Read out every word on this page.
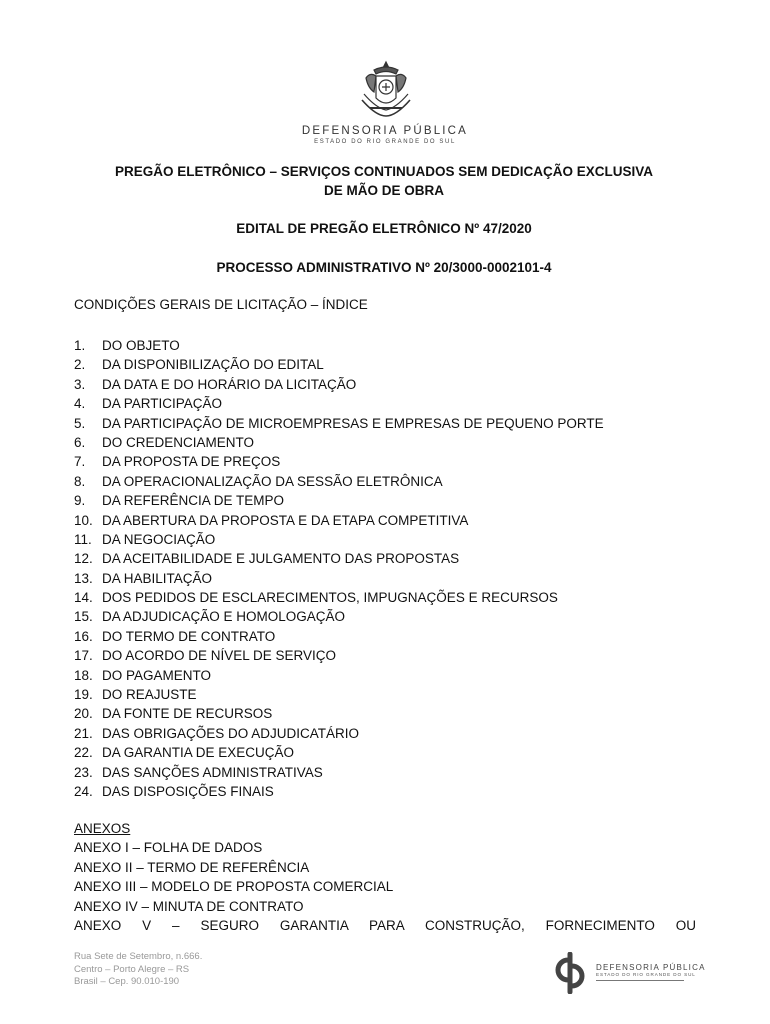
DEFENSORIA PÚBLICA
ESTADO DO RIO GRANDE DO SUL
PREGÃO ELETRÔNICO – SERVIÇOS CONTINUADOS SEM DEDICAÇÃO EXCLUSIVA
DE MÃO DE OBRA
EDITAL DE PREGÃO ELETRÔNICO Nº 47/2020
PROCESSO ADMINISTRATIVO Nº 20/3000-0002101-4
CONDIÇÕES GERAIS DE LICITAÇÃO – ÍNDICE
1. DO OBJETO
2. DA DISPONIBILIZAÇÃO DO EDITAL
3. DA DATA E DO HORÁRIO DA LICITAÇÃO
4. DA PARTICIPAÇÃO
5. DA PARTICIPAÇÃO DE MICROEMPRESAS E EMPRESAS DE PEQUENO PORTE
6. DO CREDENCIAMENTO
7. DA PROPOSTA DE PREÇOS
8. DA OPERACIONALIZAÇÃO DA SESSÃO ELETRÔNICA
9. DA REFERÊNCIA DE TEMPO
10. DA ABERTURA DA PROPOSTA E DA ETAPA COMPETITIVA
11. DA NEGOCIAÇÃO
12. DA ACEITABILIDADE E JULGAMENTO DAS PROPOSTAS
13. DA HABILITAÇÃO
14. DOS PEDIDOS DE ESCLARECIMENTOS, IMPUGNAÇÕES E RECURSOS
15. DA ADJUDICAÇÃO E HOMOLOGAÇÃO
16. DO TERMO DE CONTRATO
17. DO ACORDO DE NÍVEL DE SERVIÇO
18. DO PAGAMENTO
19. DO REAJUSTE
20. DA FONTE DE RECURSOS
21. DAS OBRIGAÇÕES DO ADJUDICATÁRIO
22. DA GARANTIA DE EXECUÇÃO
23. DAS SANÇÕES ADMINISTRATIVAS
24. DAS DISPOSIÇÕES FINAIS
ANEXOS
ANEXO I – FOLHA DE DADOS
ANEXO II – TERMO DE REFERÊNCIA
ANEXO III – MODELO DE PROPOSTA COMERCIAL
ANEXO IV – MINUTA DE CONTRATO
ANEXO V – SEGURO GARANTIA PARA CONSTRUÇÃO, FORNECIMENTO OU
Rua Sete de Setembro, n.666.
Centro – Porto Alegre – RS
Brasil – Cep. 90.010-190
DEFENSORIA PÚBLICA
ESTADO DO RIO GRANDE DO SUL
